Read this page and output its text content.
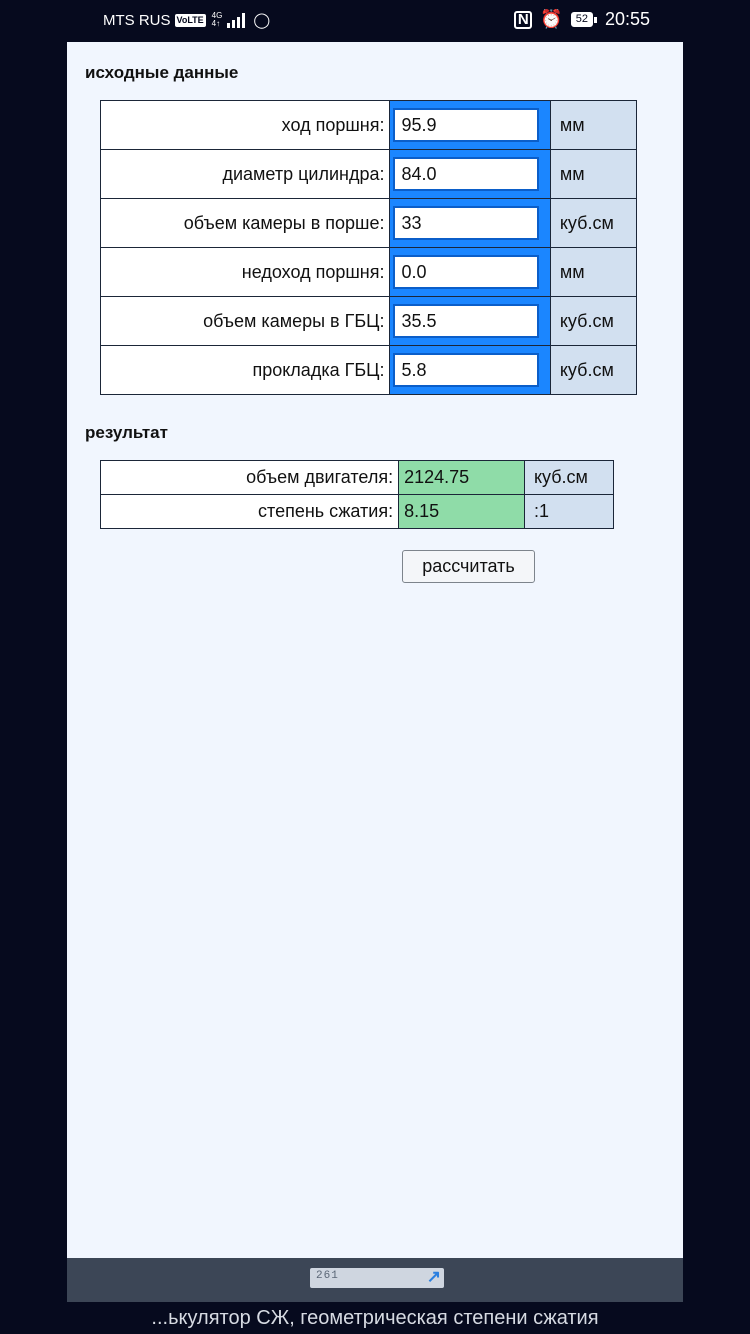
MTS RUS VoLTE 4G
4↑ ◯	N ⏰	52 20:55
исходные данные
ход поршня:	95.9	мм
диаметр цилиндра:	84.0	мм
объем камеры в порше:	33	куб.см
недоход поршня:	0.0	мм
объем камеры в ГБЦ:	35.5	куб.см
прокладка ГБЦ:	5.8	куб.см
результат
объем двигателя:	2124.75	куб.см
степень сжатия:	8.15	:1
рассчитать
261	↗
...ькулятор СЖ, геометрическая степени сжатия
